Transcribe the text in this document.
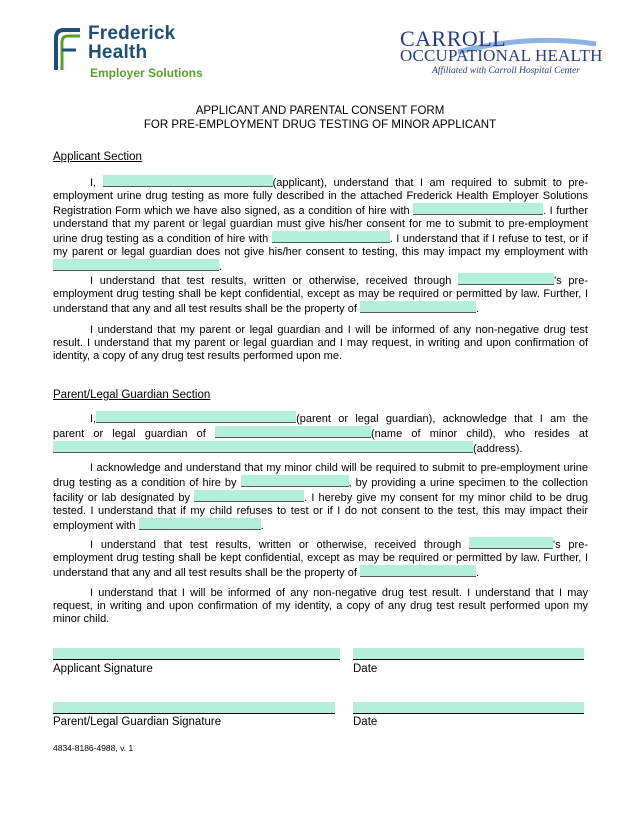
Frederick
Health
Employer Solutions
CARROLL
OCCUPATIONAL HEALTH
Affiliated with Carroll Hospital Center
APPLICANT AND PARENTAL CONSENT FORM
FOR PRE-EMPLOYMENT DRUG TESTING OF MINOR APPLICANT
Applicant Section
I,	(applicant), understand that I am required to submit to pre-employment urine drug testing as more fully described in the attached Frederick Health Employer Solutions Registration Form which we have also signed, as a condition of hire with	. I further understand that my parent or legal guardian must give his/her consent for me to submit to pre-employment urine drug testing as a condition of hire with	. I understand that if I refuse to test, or if my parent or legal guardian does not give his/her consent to testing, this may impact my employment with.
I understand that test results, written or otherwise, received through	's pre-employment drug testing shall be kept confidential, except as may be required or permitted by law. Further, I understand that any and all test results shall be the property of	.
I understand that my parent or legal guardian and I will be informed of any non-negative drug test result. I understand that my parent or legal guardian and I may request, in writing and upon confirmation of identity, a copy of any drug test results performed upon me.
Parent/Legal Guardian Section
I,	(parent or legal guardian), acknowledge that I am the parent or legal guardian of	(name of minor child), who resides at (address).
I acknowledge and understand that my minor child will be required to submit to pre-employment urine drug testing as a condition of hire by	, by providing a urine specimen to the collection facility or lab designated by	. I hereby give my consent for my minor child to be drug tested. I understand that if my child refuses to test or if I do not consent to the test, this may impact their employment with	.
I understand that test results, written or otherwise, received through	's pre-employment drug testing shall be kept confidential, except as may be required or permitted by law. Further, I understand that any and all test results shall be the property of	.
I understand that I will be informed of any non-negative drug test result. I understand that I may request, in writing and upon confirmation of my identity, a copy of any drug test result performed upon my minor child.
Applicant Signature	Date
Parent/Legal Guardian Signature	Date
4834-8186-4988, v. 1
